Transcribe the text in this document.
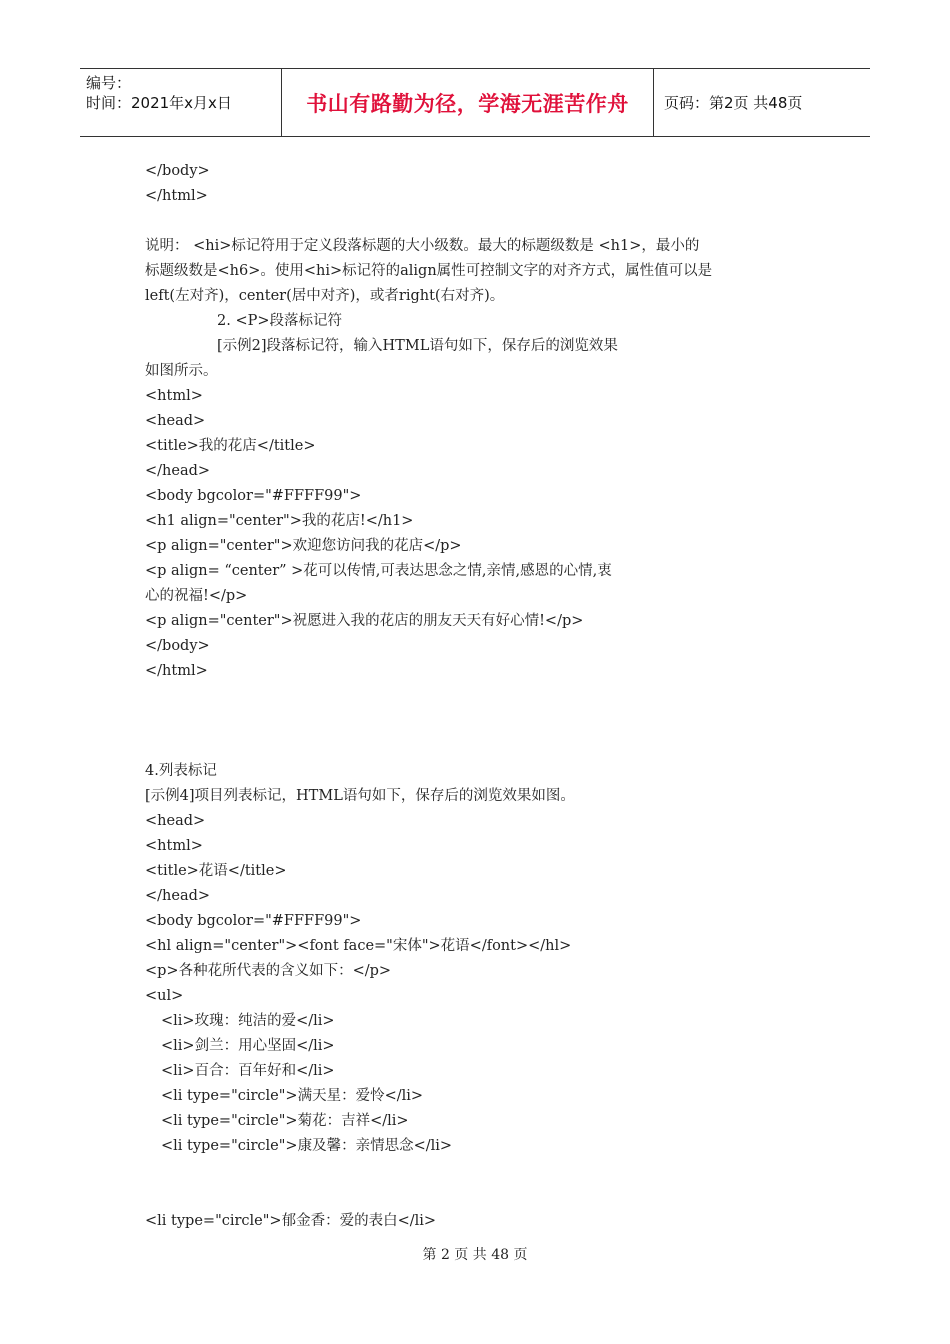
编号：
时间：2021年x月x日	书山有路勤为径，学海无涯苦作舟	页码：第2页 共48页
</body>
</html>
说明： <hi>标记符用于定义段落标题的大小级数。最大的标题级数是 <h1>，最小的
标题级数是<h6>。使用<hi>标记符的align属性可控制文字的对齐方式，属性值可以是
left(左对齐)，center(居中对齐)，或者right(右对齐)。
2. <P>段落标记符
[示例2]段落标记符，输入HTML语句如下，保存后的浏览效果
如图所示。
<html>
<head>
<title>我的花店</title>
</head>
<body bgcolor="#FFFF99">
<h1 align="center">我的花店!</h1>
<p align="center">欢迎您访问我的花店</p>
<p align= “center” >花可以传情,可表达思念之情,亲情,感恩的心情,衷
心的祝福!</p>
<p align="center">祝愿进入我的花店的朋友天天有好心情!</p>
</body>
</html>
4.列表标记
[示例4]项目列表标记，HTML语句如下，保存后的浏览效果如图。
<head>
<html>
<title>花语</title>
</head>
<body bgcolor="#FFFF99">
<hl align="center"><font face="宋体">花语</font></hl>
<p>各种花所代表的含义如下：</p>
<ul>
<li>玫瑰：纯洁的爱</li>
<li>剑兰：用心坚固</li>
<li>百合：百年好和</li>
<li type="circle">满天星：爱怜</li>
<li type="circle">菊花：吉祥</li>
<li type="circle">康及馨：亲情思念</li>
<li type="circle">郁金香：爱的表白</li>
第 2 页 共 48 页
